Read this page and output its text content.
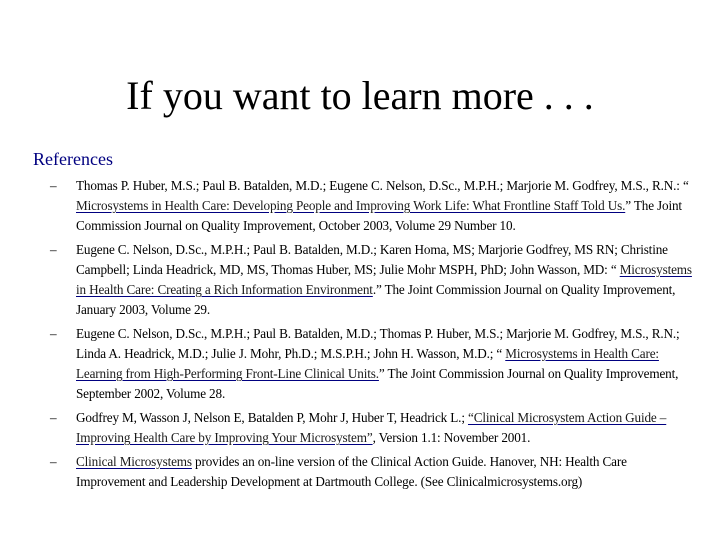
If you want to learn more . . .
References
– Thomas P. Huber, M.S.; Paul B. Batalden, M.D.; Eugene C. Nelson, D.Sc., M.P.H.; Marjorie M. Godfrey, M.S., R.N.: “ Microsystems in Health Care: Developing People and Improving Work Life: What Frontline Staff Told Us.” The Joint Commission Journal on Quality Improvement, October 2003, Volume 29 Number 10.
– Eugene C. Nelson, D.Sc., M.P.H.; Paul B. Batalden, M.D.; Karen Homa, MS; Marjorie Godfrey, MS RN; Christine Campbell; Linda Headrick, MD, MS, Thomas Huber, MS; Julie Mohr MSPH, PhD; John Wasson, MD: “ Microsystems in Health Care: Creating a Rich Information Environment.” The Joint Commission Journal on Quality Improvement, January 2003, Volume 29.
– Eugene C. Nelson, D.Sc., M.P.H.; Paul B. Batalden, M.D.; Thomas P. Huber, M.S.; Marjorie M. Godfrey, M.S., R.N.; Linda A. Headrick, M.D.; Julie J. Mohr, Ph.D.; M.S.P.H.; John H. Wasson, M.D.; “ Microsystems in Health Care: Learning from High-Performing Front-Line Clinical Units.” The Joint Commission Journal on Quality Improvement, September 2002, Volume 28.
– Godfrey M, Wasson J, Nelson E, Batalden P, Mohr J, Huber T, Headrick L.; “Clinical Microsystem Action Guide – Improving Health Care by Improving Your Microsystem”, Version 1.1: November 2001.
– Clinical Microsystems provides an on-line version of the Clinical Action Guide. Hanover, NH: Health Care Improvement and Leadership Development at Dartmouth College. (See Clinicalmicrosystems.org)
